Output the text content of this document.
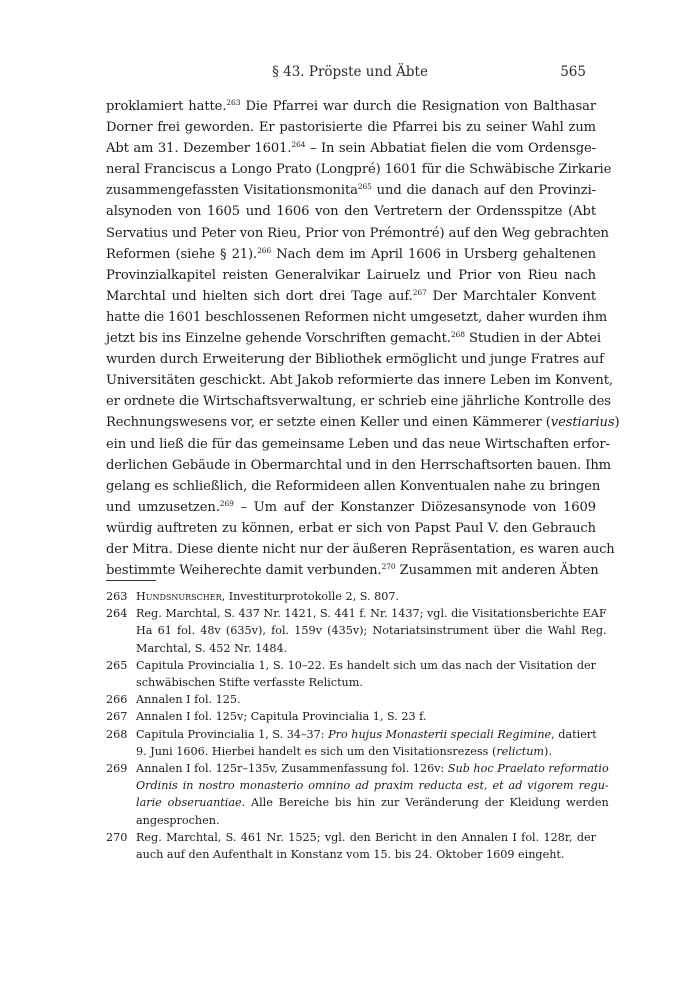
§ 43. Pröpste und Äbte	565
proklamiert hatte.$^{263}$ Die Pfarrei war durch die Resignation von Balthasar
Dorner frei geworden. Er pastorisierte die Pfarrei bis zu seiner Wahl zum
Abt am 31. Dezember 1601.$^{264}$ – In sein Abbatiat fielen die vom Ordensge-
neral Franciscus a Longo Prato (Longpré) 1601 für die Schwäbische Zirkarie
zusammengefassten Visitationsmonita$^{265}$ und die danach auf den Provinzi-
alsynoden von 1605 und 1606 von den Vertretern der Ordensspitze (Abt
Servatius und Peter von Rieu, Prior von Prémontré) auf den Weg gebrachten
Reformen (siehe § 21).$^{266}$ Nach dem im April 1606 in Ursberg gehaltenen
Provinzialkapitel reisten Generalvikar Lairuelz und Prior von Rieu nach
Marchtal und hielten sich dort drei Tage auf.$^{267}$ Der Marchtaler Konvent
hatte die 1601 beschlossenen Reformen nicht umgesetzt, daher wurden ihm
jetzt bis ins Einzelne gehende Vorschriften gemacht.$^{268}$ Studien in der Abtei
wurden durch Erweiterung der Bibliothek ermöglicht und junge Fratres auf
Universitäten geschickt. Abt Jakob reformierte das innere Leben im Konvent,
er ordnete die Wirtschaftsverwaltung, er schrieb eine jährliche Kontrolle des
Rechnungswesens vor, er setzte einen Keller und einen Kämmerer (vestiarius)
ein und ließ die für das gemeinsame Leben und das neue Wirtschaften erfor-
derlichen Gebäude in Obermarchtal und in den Herrschaftsorten bauen. Ihm
gelang es schließlich, die Reformideen allen Konventualen nahe zu bringen
und umzusetzen.$^{269}$ – Um auf der Konstanzer Diözesansynode von 1609
würdig auftreten zu können, erbat er sich von Papst Paul V. den Gebrauch
der Mitra. Diese diente nicht nur der äußeren Repräsentation, es waren auch
bestimmte Weiherechte damit verbunden.$^{270}$ Zusammen mit anderen Äbten
263 Hundsnurscher, Investiturprotokolle 2, S. 807.
264 Reg. Marchtal, S. 437 Nr. 1421, S. 441 f. Nr. 1437; vgl. die Visitationsberichte EAF
Ha 61 fol. 48v (635v), fol. 159v (435v); Notariatsinstrument über die Wahl Reg.
Marchtal, S. 452 Nr. 1484.
265 Capitula Provincialia 1, S. 10–22. Es handelt sich um das nach der Visitation der
schwäbischen Stifte verfasste Relictum.
266 Annalen I fol. 125.
267 Annalen I fol. 125v; Capitula Provincialia 1, S. 23 f.
268 Capitula Provincialia 1, S. 34–37: Pro hujus Monasterii speciali Regimine, datiert
9. Juni 1606. Hierbei handelt es sich um den Visitationsrezess (relictum).
269 Annalen I fol. 125r–135v, Zusammenfassung fol. 126v: Sub hoc Praelato reformatio
Ordinis in nostro monasterio omnino ad praxim reducta est, et ad vigorem regu-
larie obseruantiae. Alle Bereiche bis hin zur Veränderung der Kleidung werden
angesprochen.
270 Reg. Marchtal, S. 461 Nr. 1525; vgl. den Bericht in den Annalen I fol. 128r, der
auch auf den Aufenthalt in Konstanz vom 15. bis 24. Oktober 1609 eingeht.
